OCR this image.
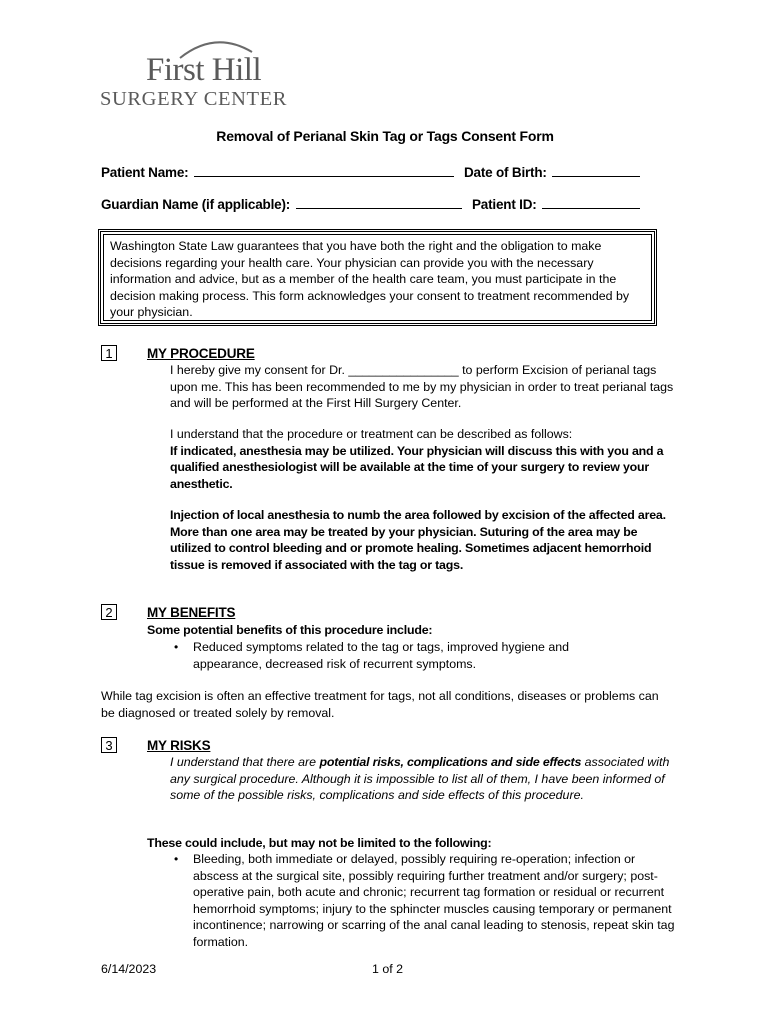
First Hill
SURGERY CENTER
Removal of Perianal Skin Tag or Tags Consent Form
Patient Name:	Date of Birth:
Guardian Name (if applicable):	Patient ID:
Washington State Law guarantees that you have both the right and the obligation to make decisions regarding your health care. Your physician can provide you with the necessary information and advice, but as a member of the health care team, you must participate in the decision making process. This form acknowledges your consent to treatment recommended by your physician.
1	MY PROCEDURE
I hereby give my consent for Dr. ________________ to perform Excision of perianal tags upon me. This has been recommended to me by my physician in order to treat perianal tags and will be performed at the First Hill Surgery Center.
I understand that the procedure or treatment can be described as follows:
If indicated, anesthesia may be utilized. Your physician will discuss this with you and a qualified anesthesiologist will be available at the time of your surgery to review your anesthetic.
Injection of local anesthesia to numb the area followed by excision of the affected area. More than one area may be treated by your physician. Suturing of the area may be utilized to control bleeding and or promote healing. Sometimes adjacent hemorrhoid tissue is removed if associated with the tag or tags.
2	MY BENEFITS
Some potential benefits of this procedure include:
• Reduced symptoms related to the tag or tags, improved hygiene and appearance, decreased risk of recurrent symptoms.
While tag excision is often an effective treatment for tags, not all conditions, diseases or problems can be diagnosed or treated solely by removal.
3	MY RISKS
I understand that there are potential risks, complications and side effects associated with any surgical procedure. Although it is impossible to list all of them, I have been informed of some of the possible risks, complications and side effects of this procedure.
These could include, but may not be limited to the following:
• Bleeding, both immediate or delayed, possibly requiring re-operation; infection or abscess at the surgical site, possibly requiring further treatment and/or surgery; post-operative pain, both acute and chronic; recurrent tag formation or residual or recurrent hemorrhoid symptoms; injury to the sphincter muscles causing temporary or permanent incontinence; narrowing or scarring of the anal canal leading to stenosis, repeat skin tag formation.
6/14/2023	1 of 2
